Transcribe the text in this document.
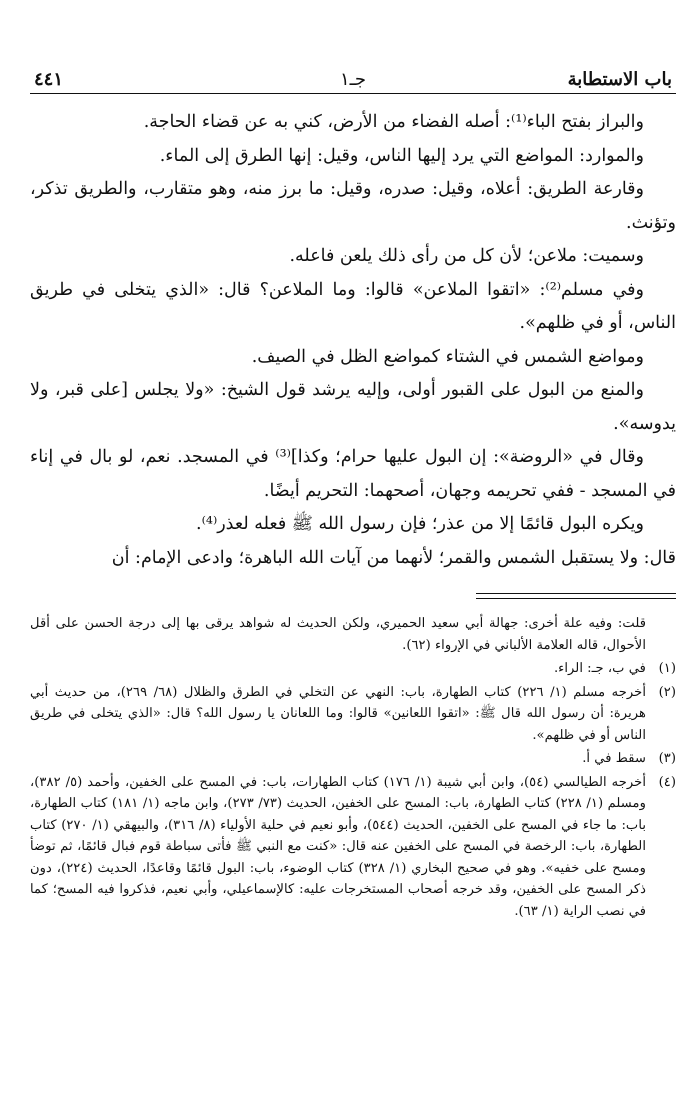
باب الاستطابة
جـ١
٤٤١

والبراز بفتح الباء⁽¹⁾: أصله الفضاء من الأرض، كني به عن قضاء الحاجة.

والموارد: المواضع التي يرد إليها الناس، وقيل: إنها الطرق إلى الماء.

وقارعة الطريق: أعلاه، وقيل: صدره، وقيل: ما برز منه، وهو متقارب، والطريق تذكر، وتؤنث.

وسميت: ملاعن؛ لأن كل من رأى ذلك يلعن فاعله.

وفي مسلم⁽²⁾: «اتقوا الملاعن» قالوا: وما الملاعن؟ قال: «الذي يتخلى في طريق الناس، أو في ظلهم».

ومواضع الشمس في الشتاء كمواضع الظل في الصيف.

والمنع من البول على القبور أولى، وإليه يرشد قول الشيخ: «ولا يجلس [على قبر، ولا يدوسه».

وقال في «الروضة»: إن البول عليها حرام؛ وكذا]⁽³⁾ في المسجد. نعم، لو بال في إناء في المسجد - ففي تحريمه وجهان، أصحهما: التحريم أيضًا.

ويكره البول قائمًا إلا من عذر؛ فإن رسول الله ﷺ فعله لعذر⁽⁴⁾.

قال: ولا يستقبل الشمس والقمر؛ لأنهما من آيات الله الباهرة؛ وادعى الإمام: أن

قلت: وفيه علة أخرى: جهالة أبي سعيد الحميري، ولكن الحديث له شواهد يرقى بها إلى درجة الحسن على أقل الأحوال، قاله العلامة الألباني في الإرواء (٦٢).
(١)
في ب، جـ: الراء.
(٢)
أخرجه مسلم (١/ ٢٢٦) كتاب الطهارة، باب: النهي عن التخلي في الطرق والظلال (٦٨/ ٢٦٩)، من حديث أبي هريرة: أن رسول الله قال ﷺ: «اتقوا اللعانين» قالوا: وما اللعانان يا رسول الله؟ قال: «الذي يتخلى في طريق الناس أو في ظلهم».
(٣)
سقط في أ.
(٤)
أخرجه الطيالسي (٥٤)، وابن أبي شيبة (١/ ١٧٦) كتاب الطهارات، باب: في المسح على الخفين، وأحمد (٥/ ٣٨٢)، ومسلم (١/ ٢٢٨) كتاب الطهارة، باب: المسح على الخفين، الحديث (٧٣/ ٢٧٣)، وابن ماجه (١/ ١٨١) كتاب الطهارة، باب: ما جاء في المسح على الخفين، الحديث (٥٤٤)، وأبو نعيم في حلية الأولياء (٨/ ٣١٦)، والبيهقي (١/ ٢٧٠) كتاب الطهارة، باب: الرخصة في المسح على الخفين عنه قال: «كنت مع النبي ﷺ فأتى سباطة قوم فبال قائمًا، ثم توضأ ومسح على خفيه». وهو في صحيح البخاري (١/ ٣٢٨) كتاب الوضوء، باب: البول قائمًا وقاعدًا، الحديث (٢٢٤)، دون ذكر المسح على الخفين، وقد خرجه أصحاب المستخرجات عليه: كالإسماعيلي، وأبي نعيم، فذكروا فيه المسح؛ كما في نصب الراية (١/ ٦٣).
